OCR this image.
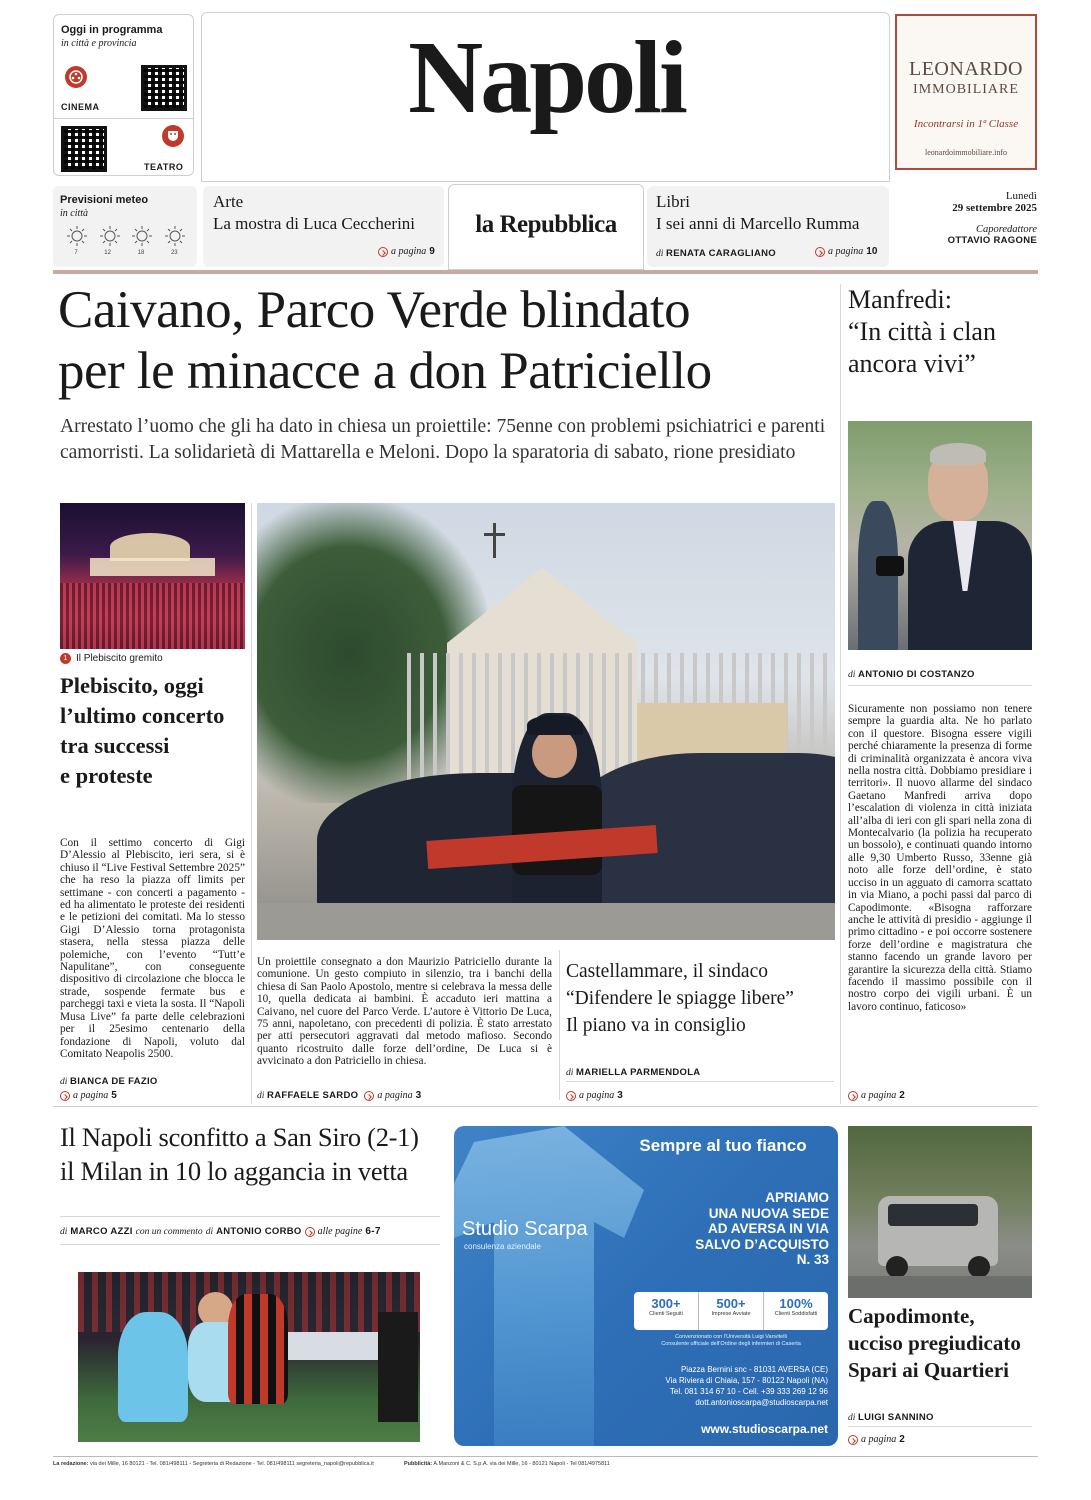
Oggi in programma
in città e provincia
CINEMA
TEATRO
Napoli	LEONARDO
IMMOBILIARE
Incontrarsi in 1ª Classe
leonardoimmobiliare.info
Previsioni meteo
in città
7	12	18	23
Arte
La mostra di Luca Ceccherini
a pagina 9
la Repubblica
Libri
I sei anni di Marcello Rumma
di RENATA CARAGLIANO	a pagina 10
Lunedì
29 settembre 2025
Caporedattore
OTTAVIO RAGONE
Caivano, Parco Verde blindato
per le minacce a don Patriciello
Arrestato l’uomo che gli ha dato in chiesa un proiettile: 75enne con problemi psichiatrici e parenti camorristi. La solidarietà di Mattarella e Meloni. Dopo la sparatoria di sabato, rione presidiato
Manfredi:
“In città i clan
ancora vivi”
di ANTONIO DI COSTANZO
Sicuramente non possiamo non tenere sempre la guardia alta. Ne ho parlato con il questore. Bisogna essere vigili perché chiaramente la presenza di forme di criminalità organizzata è ancora viva nella nostra città. Dobbiamo presidiare i territori». Il nuovo allarme del sindaco Gaetano Manfredi arriva dopo l’escalation di violenza in città iniziata all’alba di ieri con gli spari nella zona di Montecalvario (la polizia ha recuperato un bossolo), e continuati quando intorno alle 9,30 Umberto Russo, 33enne già noto alle forze dell’ordine, è stato ucciso in un agguato di camorra scattato in via Miano, a pochi passi dal parco di Capodimonte. «Bisogna rafforzare anche le attività di presidio - aggiunge il primo cittadino - e poi occorre sostenere forze dell’ordine e magistratura che stanno facendo un grande lavoro per garantire la sicurezza della città. Stiamo facendo il massimo possibile con il nostro corpo dei vigili urbani. È un lavoro continuo, faticoso»
a pagina 2
1 Il Plebiscito gremito
Plebiscito, oggi
l’ultimo concerto
tra successi
e proteste
Con il settimo concerto di Gigi D’Alessio al Plebiscito, ieri sera, si è chiuso il “Live Festival Settembre 2025” che ha reso la piazza off limits per settimane - con concerti a pagamento - ed ha alimentato le proteste dei residenti e le petizioni dei comitati. Ma lo stesso Gigi D’Alessio torna protagonista stasera, nella stessa piazza delle polemiche, con l’evento “Tutt’e Napulitane”, con conseguente dispositivo di circolazione che blocca le strade, sospende fermate bus e parcheggi taxi e vieta la sosta. Il “Napoli Musa Live” fa parte delle celebrazioni per il 25esimo centenario della fondazione di Napoli, voluto dal Comitato Neapolis 2500.
di BIANCA DE FAZIO
a pagina 5
Un proiettile consegnato a don Maurizio Patriciello durante la comunione. Un gesto compiuto in silenzio, tra i banchi della chiesa di San Paolo Apostolo, mentre si celebrava la messa delle 10, quella dedicata ai bambini. È accaduto ieri mattina a Caivano, nel cuore del Parco Verde. L’autore è Vittorio De Luca, 75 anni, napoletano, con precedenti di polizia. È stato arrestato per atti persecutori aggravati dal metodo mafioso. Secondo quanto ricostruito dalle forze dell’ordine, De Luca si è avvicinato a don Patriciello in chiesa.
di RAFFAELE SARDO a pagina 3
Castellammare, il sindaco
“Difendere le spiagge libere”
Il piano va in consiglio
di MARIELLA PARMENDOLA
a pagina 3
Il Napoli sconfitto a San Siro (2-1)
il Milan in 10 lo aggancia in vetta
di MARCO AZZI con un commento di ANTONIO CORBO alle pagine 6-7
Sempre al tuo fianco
APRIAMO
UNA NUOVA SEDE
AD AVERSA IN VIA
SALVO D’ACQUISTO
N. 33
Studio Scarpa
consulenza aziendale
300+
Clienti Seguiti
500+
Imprese Avviate
100%
Clienti Soddisfatti
Convenzionato con l’Università Luigi Vanvitelli
Consulente ufficiale dell’Ordine degli infermieri di Caserta
Piazza Bernini snc - 81031 AVERSA (CE)
Via Riviera di Chiaia, 157 - 80122 Napoli (NA)
Tel. 081 314 67 10 - Cell. +39 333 269 12 96
dott.antonioscarpa@studioscarpa.net
www.studioscarpa.net
Capodimonte,
ucciso pregiudicato
Spari ai Quartieri
di LUIGI SANNINO
a pagina 2
La redazione: via dei Mille, 16 80121 - Tel. 081/498111 - Segreteria di Redazione - Tel. 081/498111 segreteria_napoli@repubblica.it	Pubblicità: A.Manzoni & C. S.p.A. via dei Mille, 16 - 80121 Napoli - Tel 081/4975811
